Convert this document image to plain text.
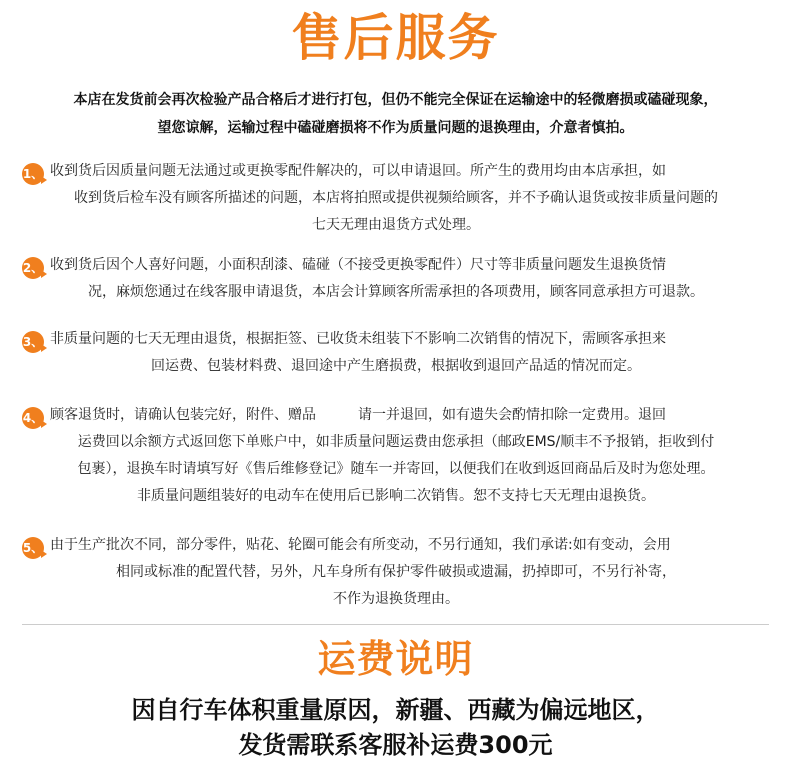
售后服务
本店在发货前会再次检验产品合格后才进行打包，但仍不能完全保证在运输途中的轻微磨损或磕碰现象，
望您谅解，运输过程中磕碰磨损将不作为质量问题的退换理由，介意者慎拍。
1、 收到货后因质量问题无法通过或更换零配件解决的，可以申请退回。所产生的费用均由本店承担，如
收到货后检车没有顾客所描述的问题，本店将拍照或提供视频给顾客，并不予确认退货或按非质量问题的
七天无理由退货方式处理。
2、 收到货后因个人喜好问题，小面积刮漆、磕碰（不接受更换零配件）尺寸等非质量问题发生退换货情
况，麻烦您通过在线客服申请退货，本店会计算顾客所需承担的各项费用，顾客同意承担方可退款。
3、 非质量问题的七天无理由退货，根据拒签、已收货未组装下不影响二次销售的情况下，需顾客承担来
回运费、包装材料费、退回途中产生磨损费，根据收到退回产品适的情况而定。
4、 顾客退货时，请确认包装完好，附件、赠品　　　请一并退回，如有遗失会酌情扣除一定费用。退回
运费回以余额方式返回您下单账户中，如非质量问题运费由您承担（邮政EMS/顺丰不予报销，拒收到付
包裹），退换车时请填写好《售后维修登记》随车一并寄回，以便我们在收到返回商品后及时为您处理。
非质量问题组装好的电动车在使用后已影响二次销售。恕不支持七天无理由退换货。
5、 由于生产批次不同，部分零件，贴花、轮圈可能会有所变动，不另行通知，我们承诺:如有变动，会用
相同或标准的配置代替，另外，凡车身所有保护零件破损或遗漏，扔掉即可，不另行补寄，
不作为退换货理由。
运费说明
因自行车体积重量原因，新疆、西藏为偏远地区，
发货需联系客服补运费300元
